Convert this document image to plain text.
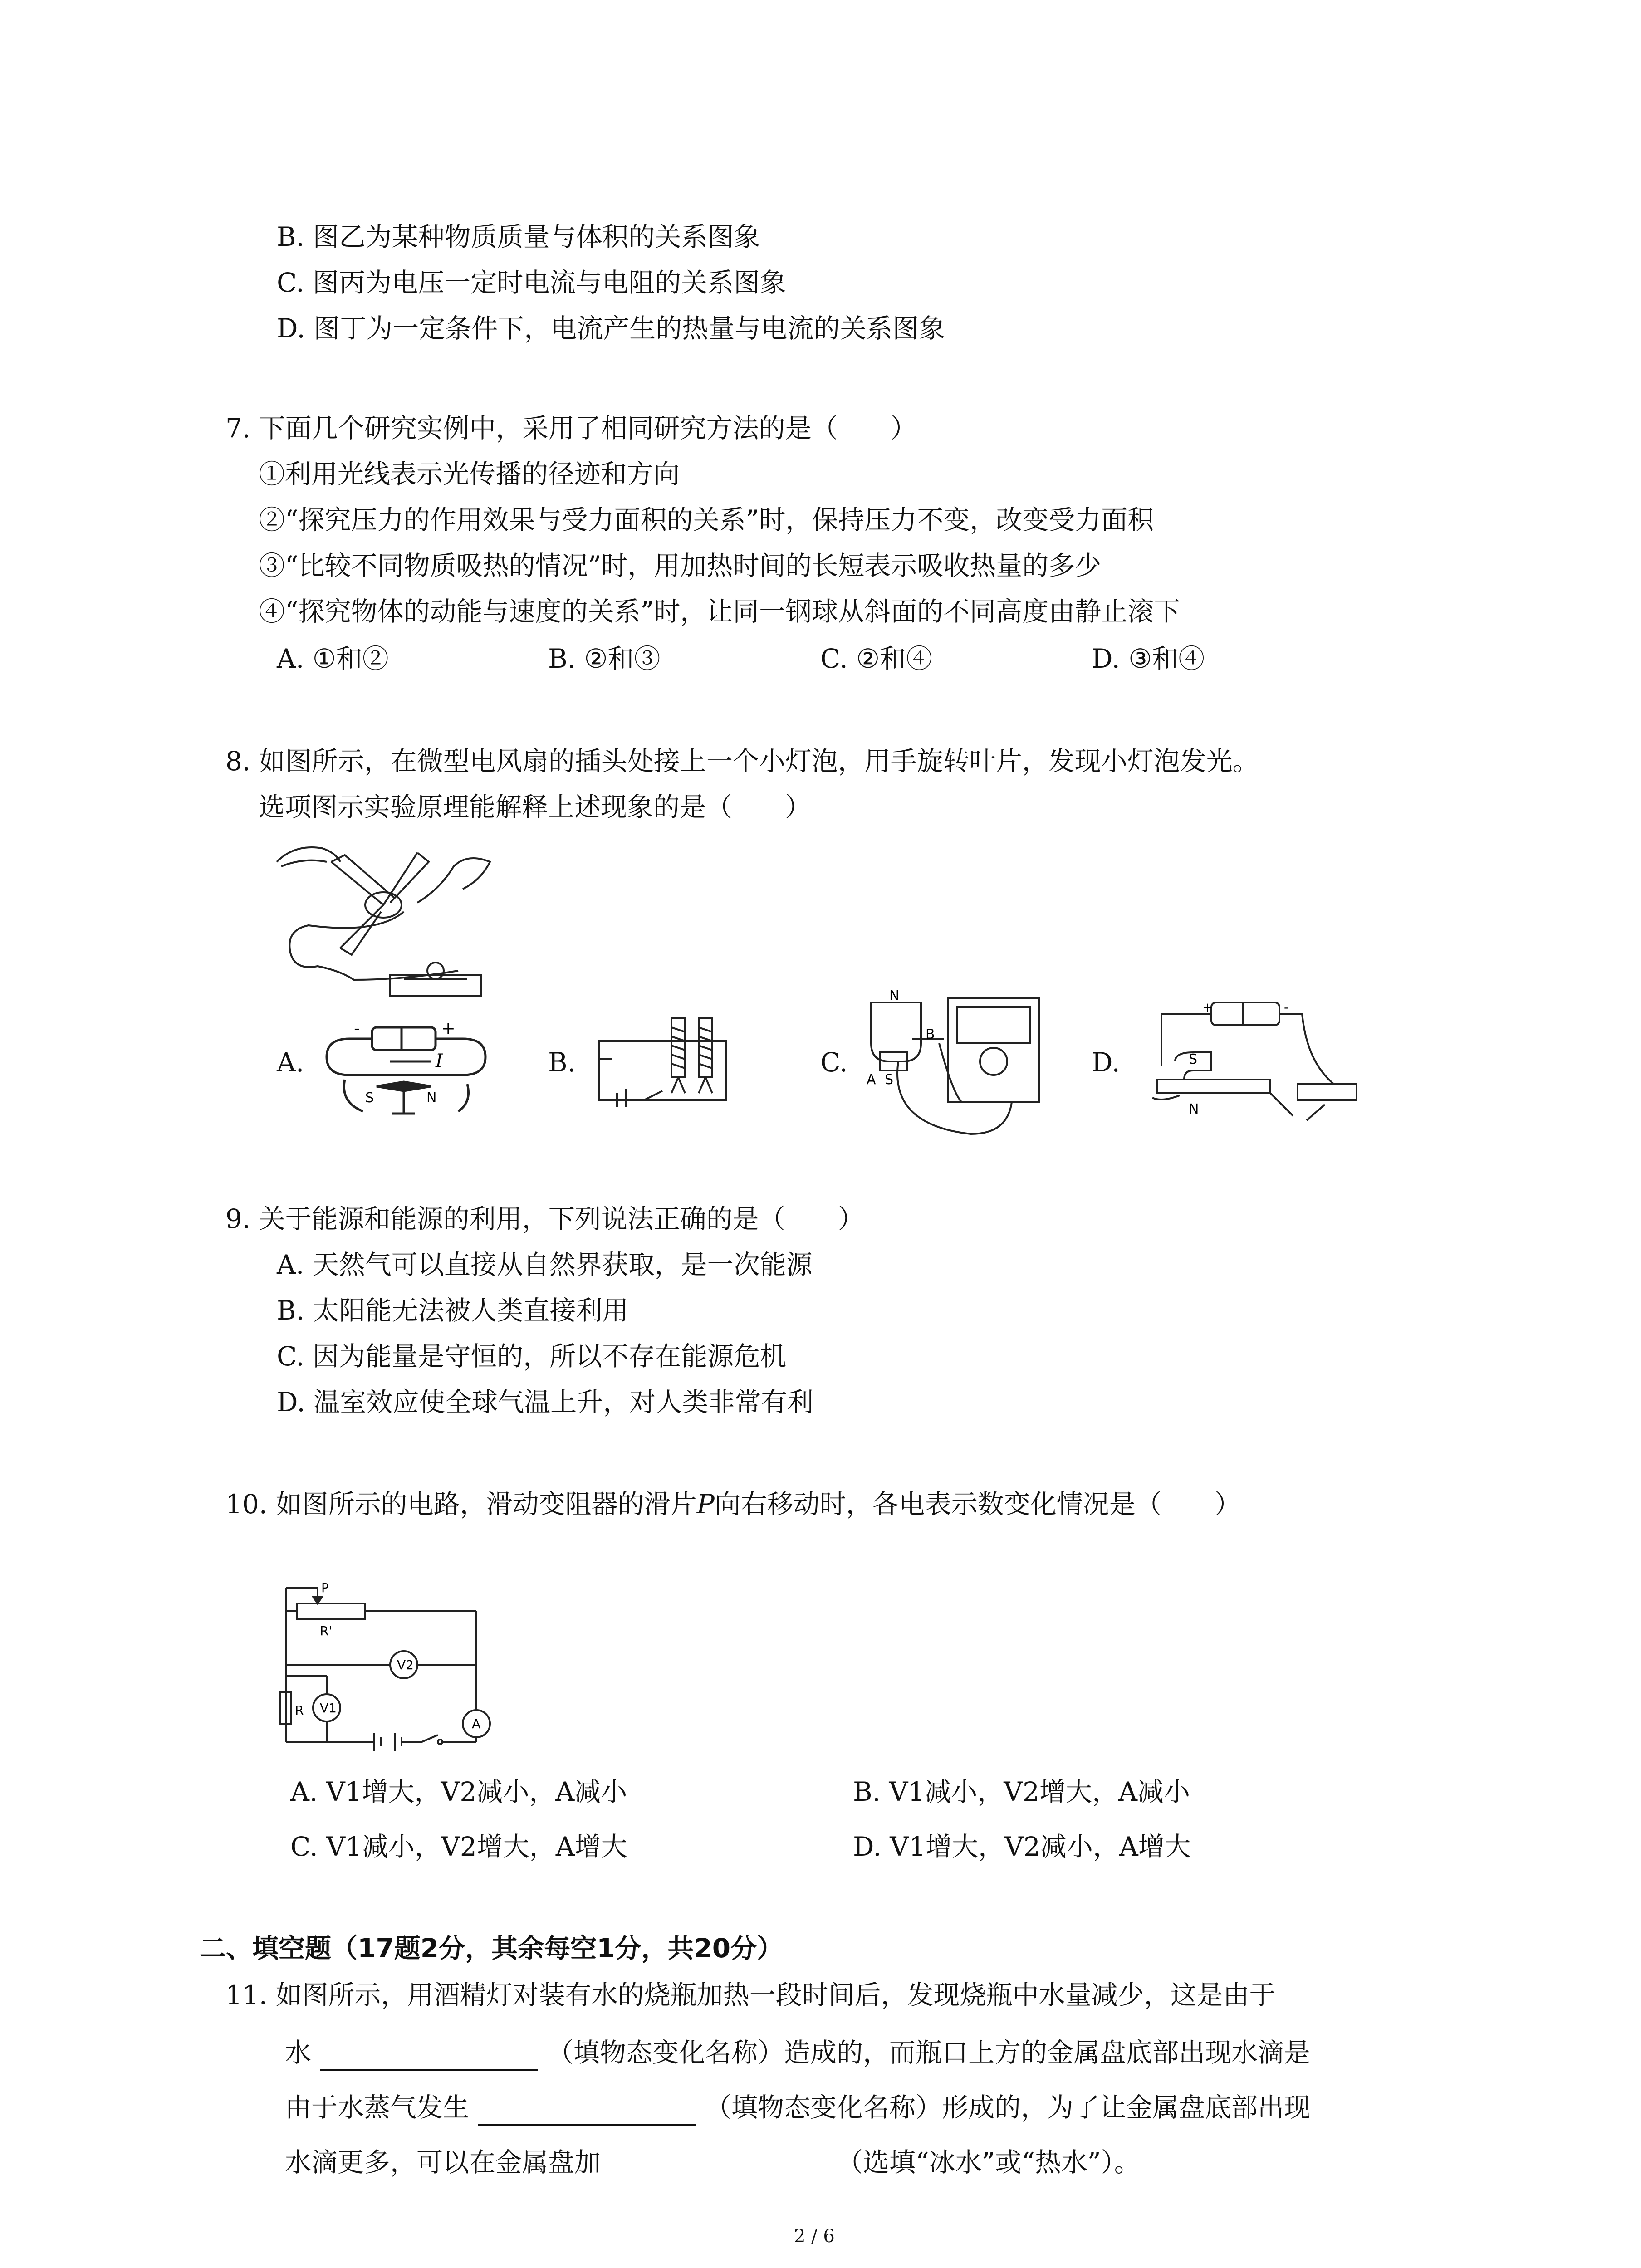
B. 图乙为某种物质质量与体积的关系图象
C. 图丙为电压一定时电流与电阻的关系图象
D. 图丁为一定条件下，电流产生的热量与电流的关系图象
7. 下面几个研究实例中，采用了相同研究方法的是（　　）
①利用光线表示光传播的径迹和方向
②“探究压力的作用效果与受力面积的关系”时，保持压力不变，改变受力面积
③“比较不同物质吸热的情况”时，用加热时间的长短表示吸收热量的多少
④“探究物体的动能与速度的关系”时，让同一钢球从斜面的不同高度由静止滚下
A. ①和②	B. ②和③	C. ②和④	D. ③和④
8. 如图所示，在微型电风扇的插头处接上一个小灯泡，用手旋转叶片，发现小灯泡发光。
选项图示实验原理能解释上述现象的是（　　）
A.	B.	C.	D.
-	+
I
S	N
N
B
A S
+	-
S
N
9. 关于能源和能源的利用，下列说法正确的是（　　）
A. 天然气可以直接从自然界获取，是一次能源
B. 太阳能无法被人类直接利用
C. 因为能量是守恒的，所以不存在能源危机
D. 温室效应使全球气温上升，对人类非常有利
10. 如图所示的电路，滑动变阻器的滑片P向右移动时，各电表示数变化情况是（　　）
P
R'
V2
R V1
A
A. V1增大，V2减小，A减小	B. V1减小，V2增大，A减小
C. V1减小，V2增大，A增大	D. V1增大，V2减小，A增大
二、填空题（17题2分，其余每空1分，共20分）
11. 如图所示，用酒精灯对装有水的烧瓶加热一段时间后，发现烧瓶中水量减少，这是由于
水	（填物态变化名称）造成的，而瓶口上方的金属盘底部出现水滴是
由于水蒸气发生	（填物态变化名称）形成的，为了让金属盘底部出现
水滴更多，可以在金属盘加	（选填“冰水”或“热水”）。
2 / 6
